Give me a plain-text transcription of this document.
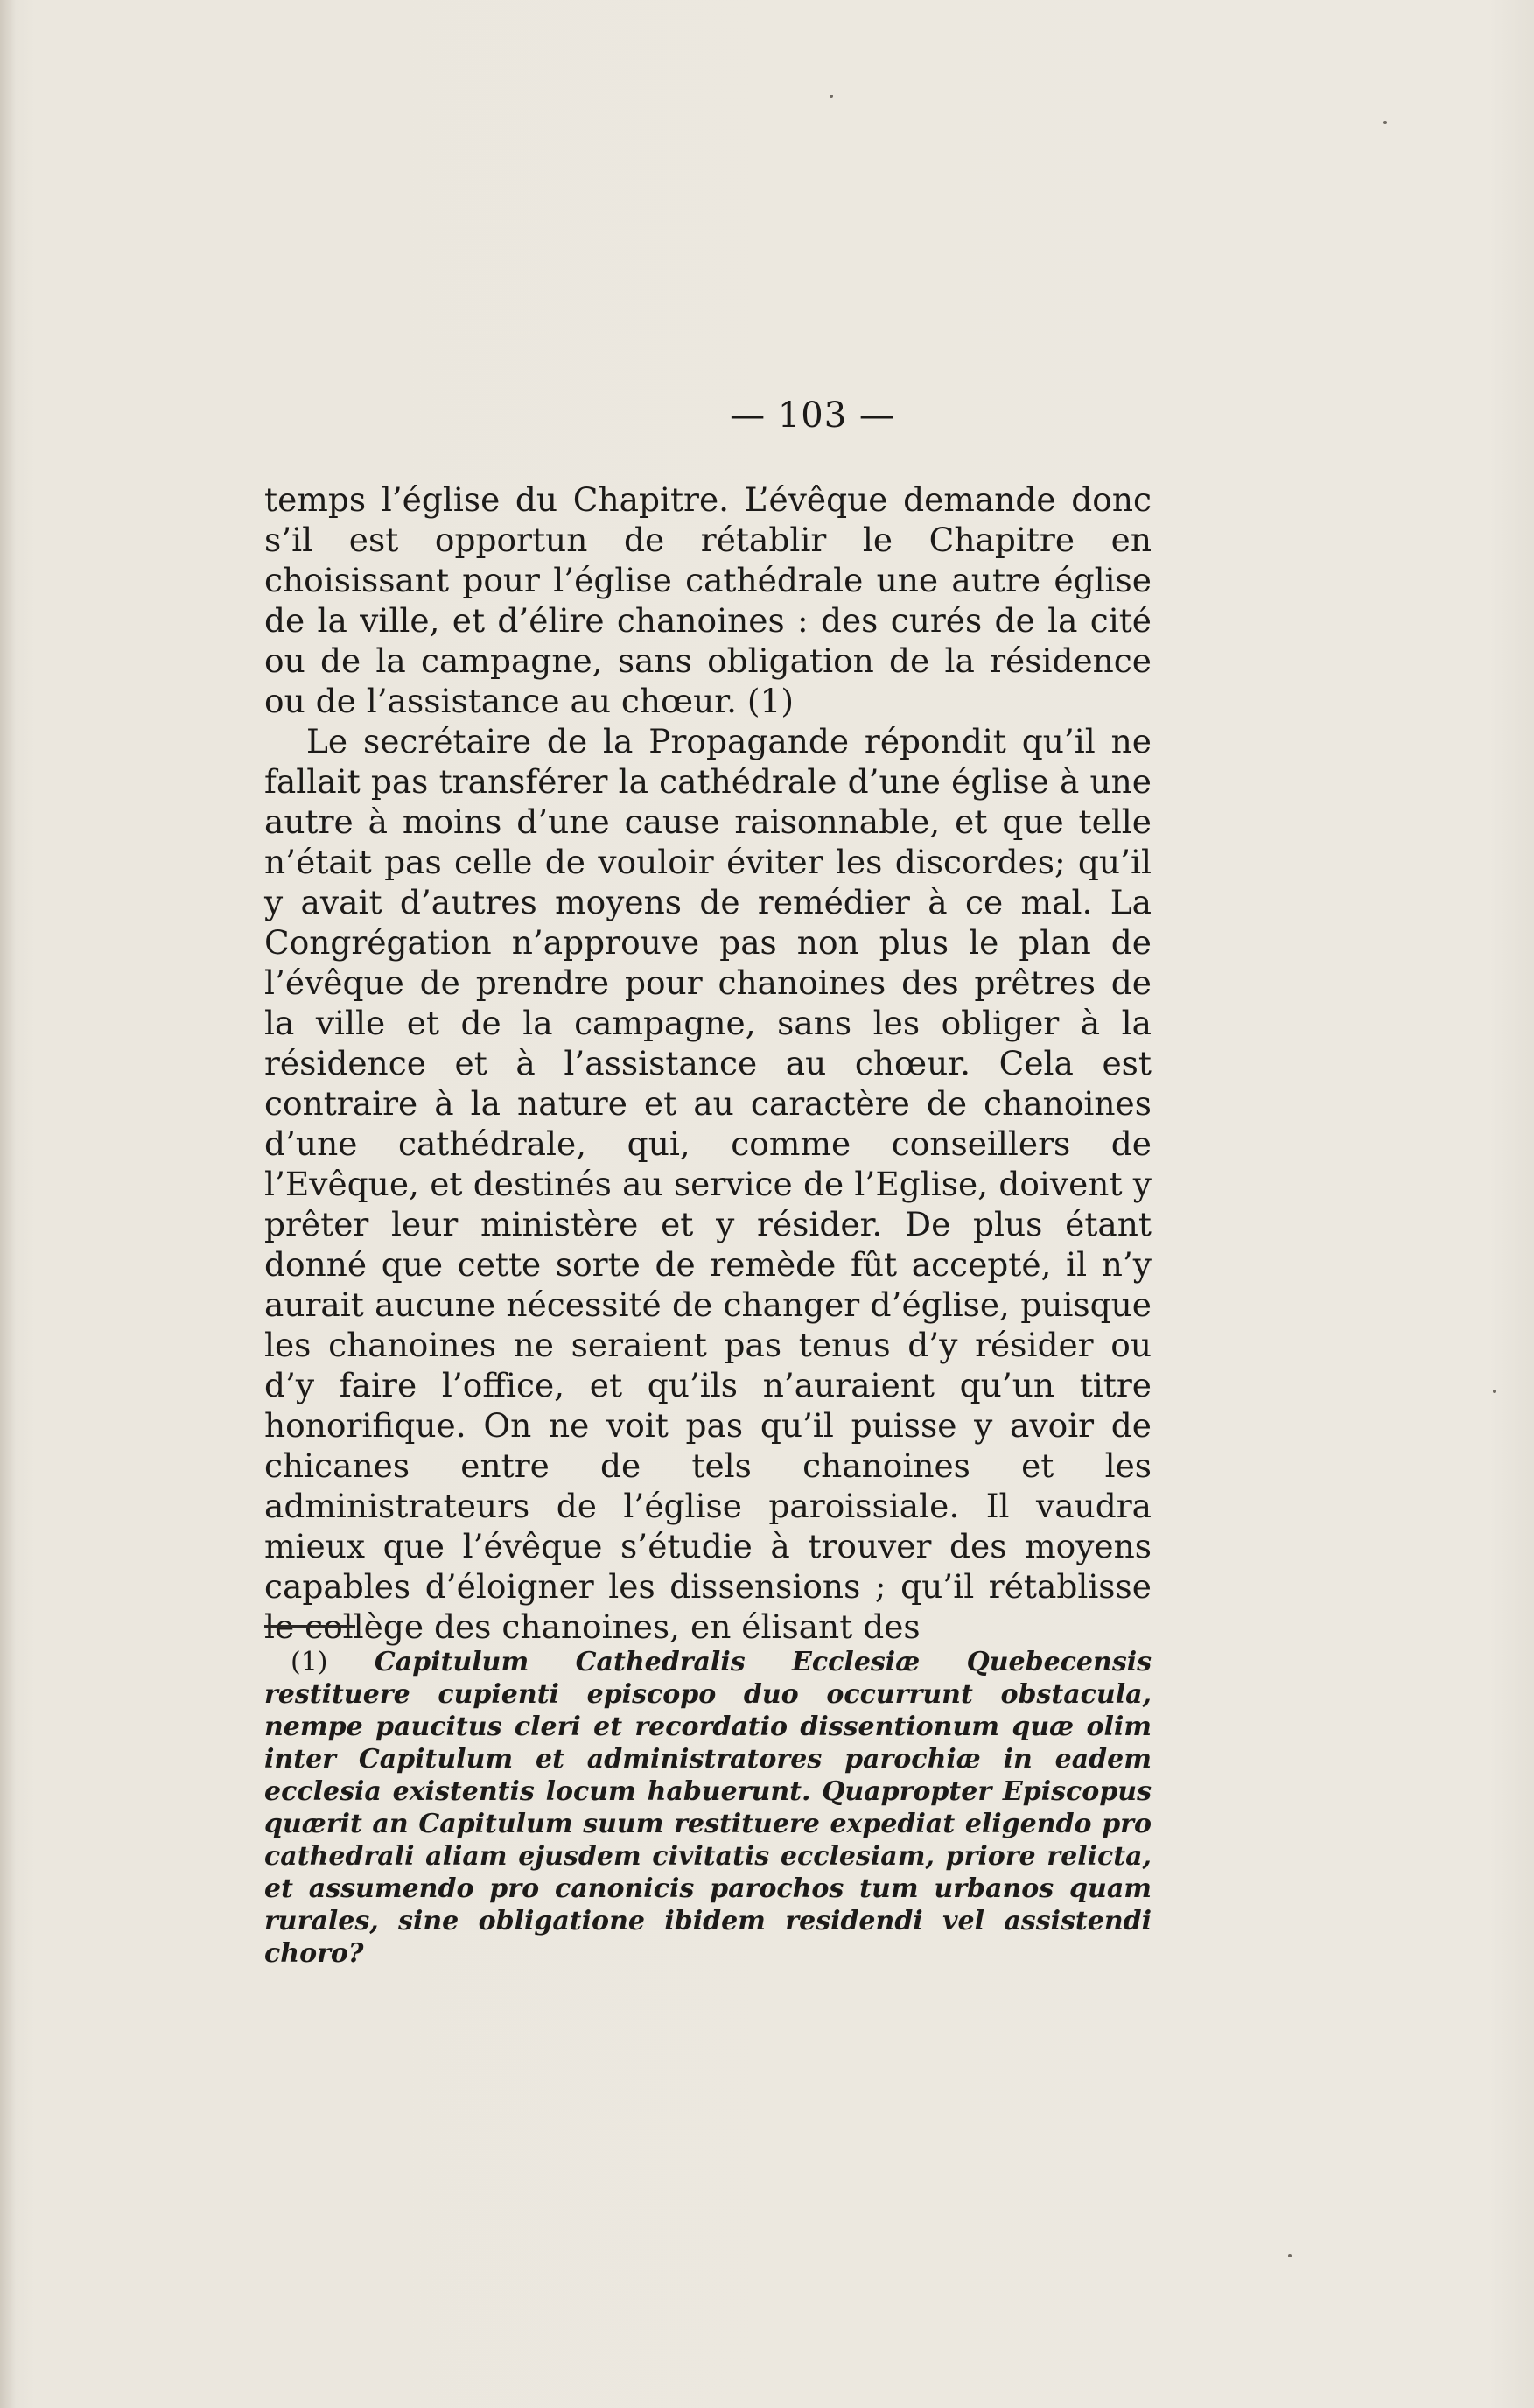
— 103 —

temps l’église du Chapitre. L’évêque demande donc s’il est opportun de rétablir le Chapitre en choisissant pour l’église cathédrale une autre église de la ville, et d’élire chanoines : des curés de la cité ou de la campagne, sans obligation de la résidence ou de l’assistance au chœur. (1)

Le secrétaire de la Propagande répondit qu’il ne fallait pas transférer la cathédrale d’une église à une autre à moins d’une cause raisonnable, et que telle n’était pas celle de vouloir éviter les discordes; qu’il y avait d’autres moyens de remédier à ce mal. La Congrégation n’approuve pas non plus le plan de l’évêque de prendre pour chanoines des prêtres de la ville et de la campagne, sans les obliger à la résidence et à l’assistance au chœur. Cela est contraire à la nature et au caractère de chanoines d’une cathédrale, qui, comme conseillers de l’Evêque, et destinés au service de l’Eglise, doivent y prêter leur ministère et y résider. De plus étant donné que cette sorte de remède fût accepté, il n’y aurait aucune nécessité de changer d’église, puisque les chanoines ne seraient pas tenus d’y résider ou d’y faire l’office, et qu’ils n’auraient qu’un titre honorifique. On ne voit pas qu’il puisse y avoir de chicanes entre de tels chanoines et les administrateurs de l’église paroissiale. Il vaudra mieux que l’évêque s’étudie à trouver des moyens capables d’éloigner les dissensions ; qu’il rétablisse le collège des chanoines, en élisant des

(1) Capitulum Cathedralis Ecclesiæ Quebecensis restituere cupienti episcopo duo occurrunt obstacula, nempe paucitus cleri et recordatio dissentionum quæ olim inter Capitulum et administratores parochiæ in eadem ecclesia existentis locum habuerunt. Quapropter Episcopus quærit an Capitulum suum restituere expediat eligendo pro cathedrali aliam ejusdem civitatis ecclesiam, priore relicta, et assumendo pro canonicis parochos tum urbanos quam rurales, sine obligatione ibidem residendi vel assistendi choro?
